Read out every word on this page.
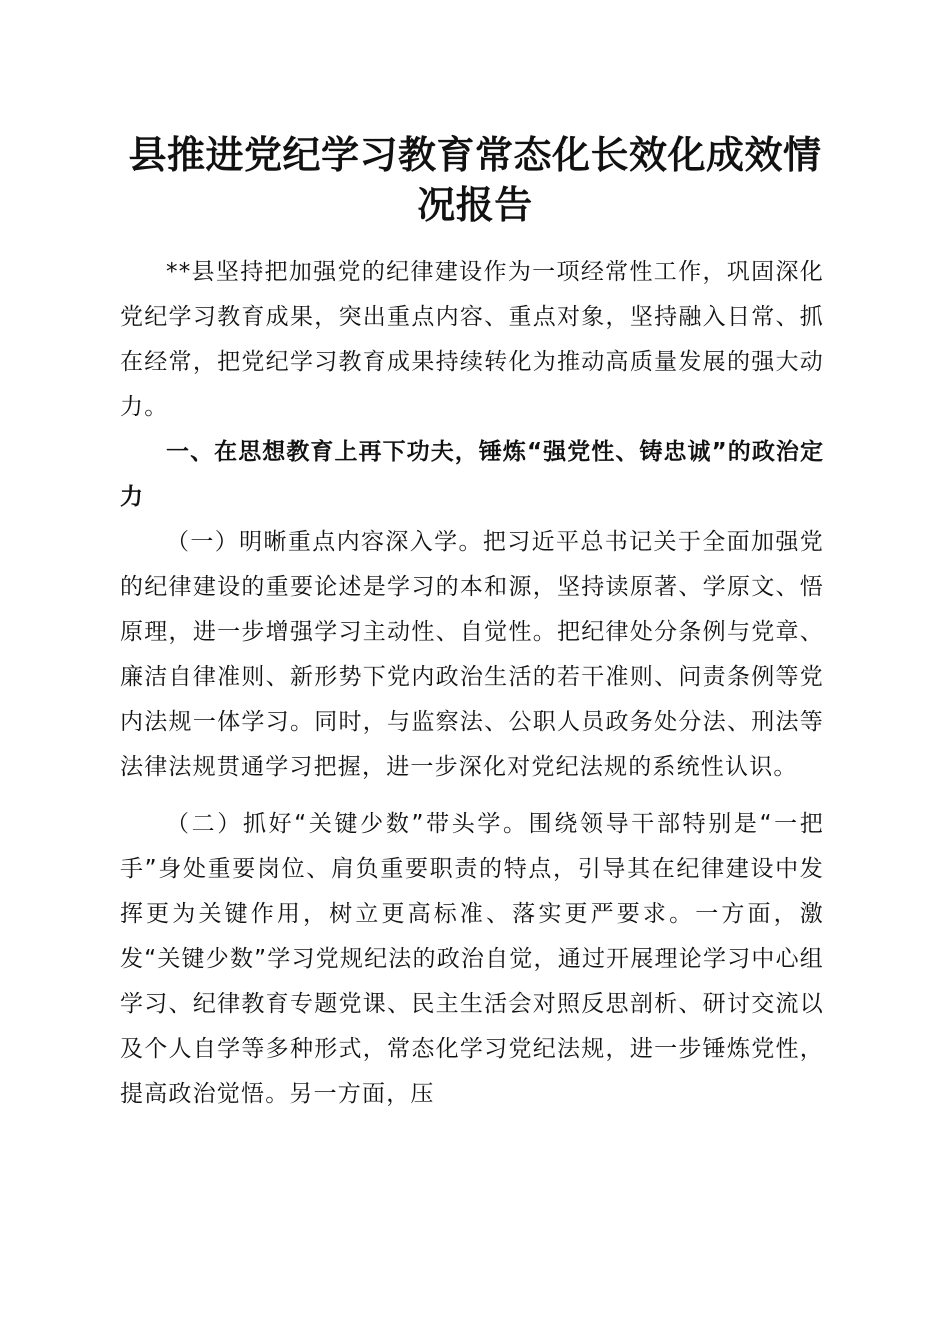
县推进党纪学习教育常态化长效化成效情况报告

**县坚持把加强党的纪律建设作为一项经常性工作，巩固深化党纪学习教育成果，突出重点内容、重点对象，坚持融入日常、抓在经常，把党纪学习教育成果持续转化为推动高质量发展的强大动力。

一、在思想教育上再下功夫，锤炼“强党性、铸忠诚”的政治定力

（一）明晰重点内容深入学。把习近平总书记关于全面加强党的纪律建设的重要论述是学习的本和源，坚持读原著、学原文、悟原理，进一步增强学习主动性、自觉性。把纪律处分条例与党章、廉洁自律准则、新形势下党内政治生活的若干准则、问责条例等党内法规一体学习。同时，与监察法、公职人员政务处分法、刑法等法律法规贯通学习把握，进一步深化对党纪法规的系统性认识。

（二）抓好“关键少数”带头学。围绕领导干部特别是“一把手”身处重要岗位、肩负重要职责的特点，引导其在纪律建设中发挥更为关键作用，树立更高标准、落实更严要求。一方面，激发“关键少数”学习党规纪法的政治自觉，通过开展理论学习中心组学习、纪律教育专题党课、民主生活会对照反思剖析、研讨交流以及个人自学等多种形式，常态化学习党纪法规，进一步锤炼党性，提高政治觉悟。另一方面，压
